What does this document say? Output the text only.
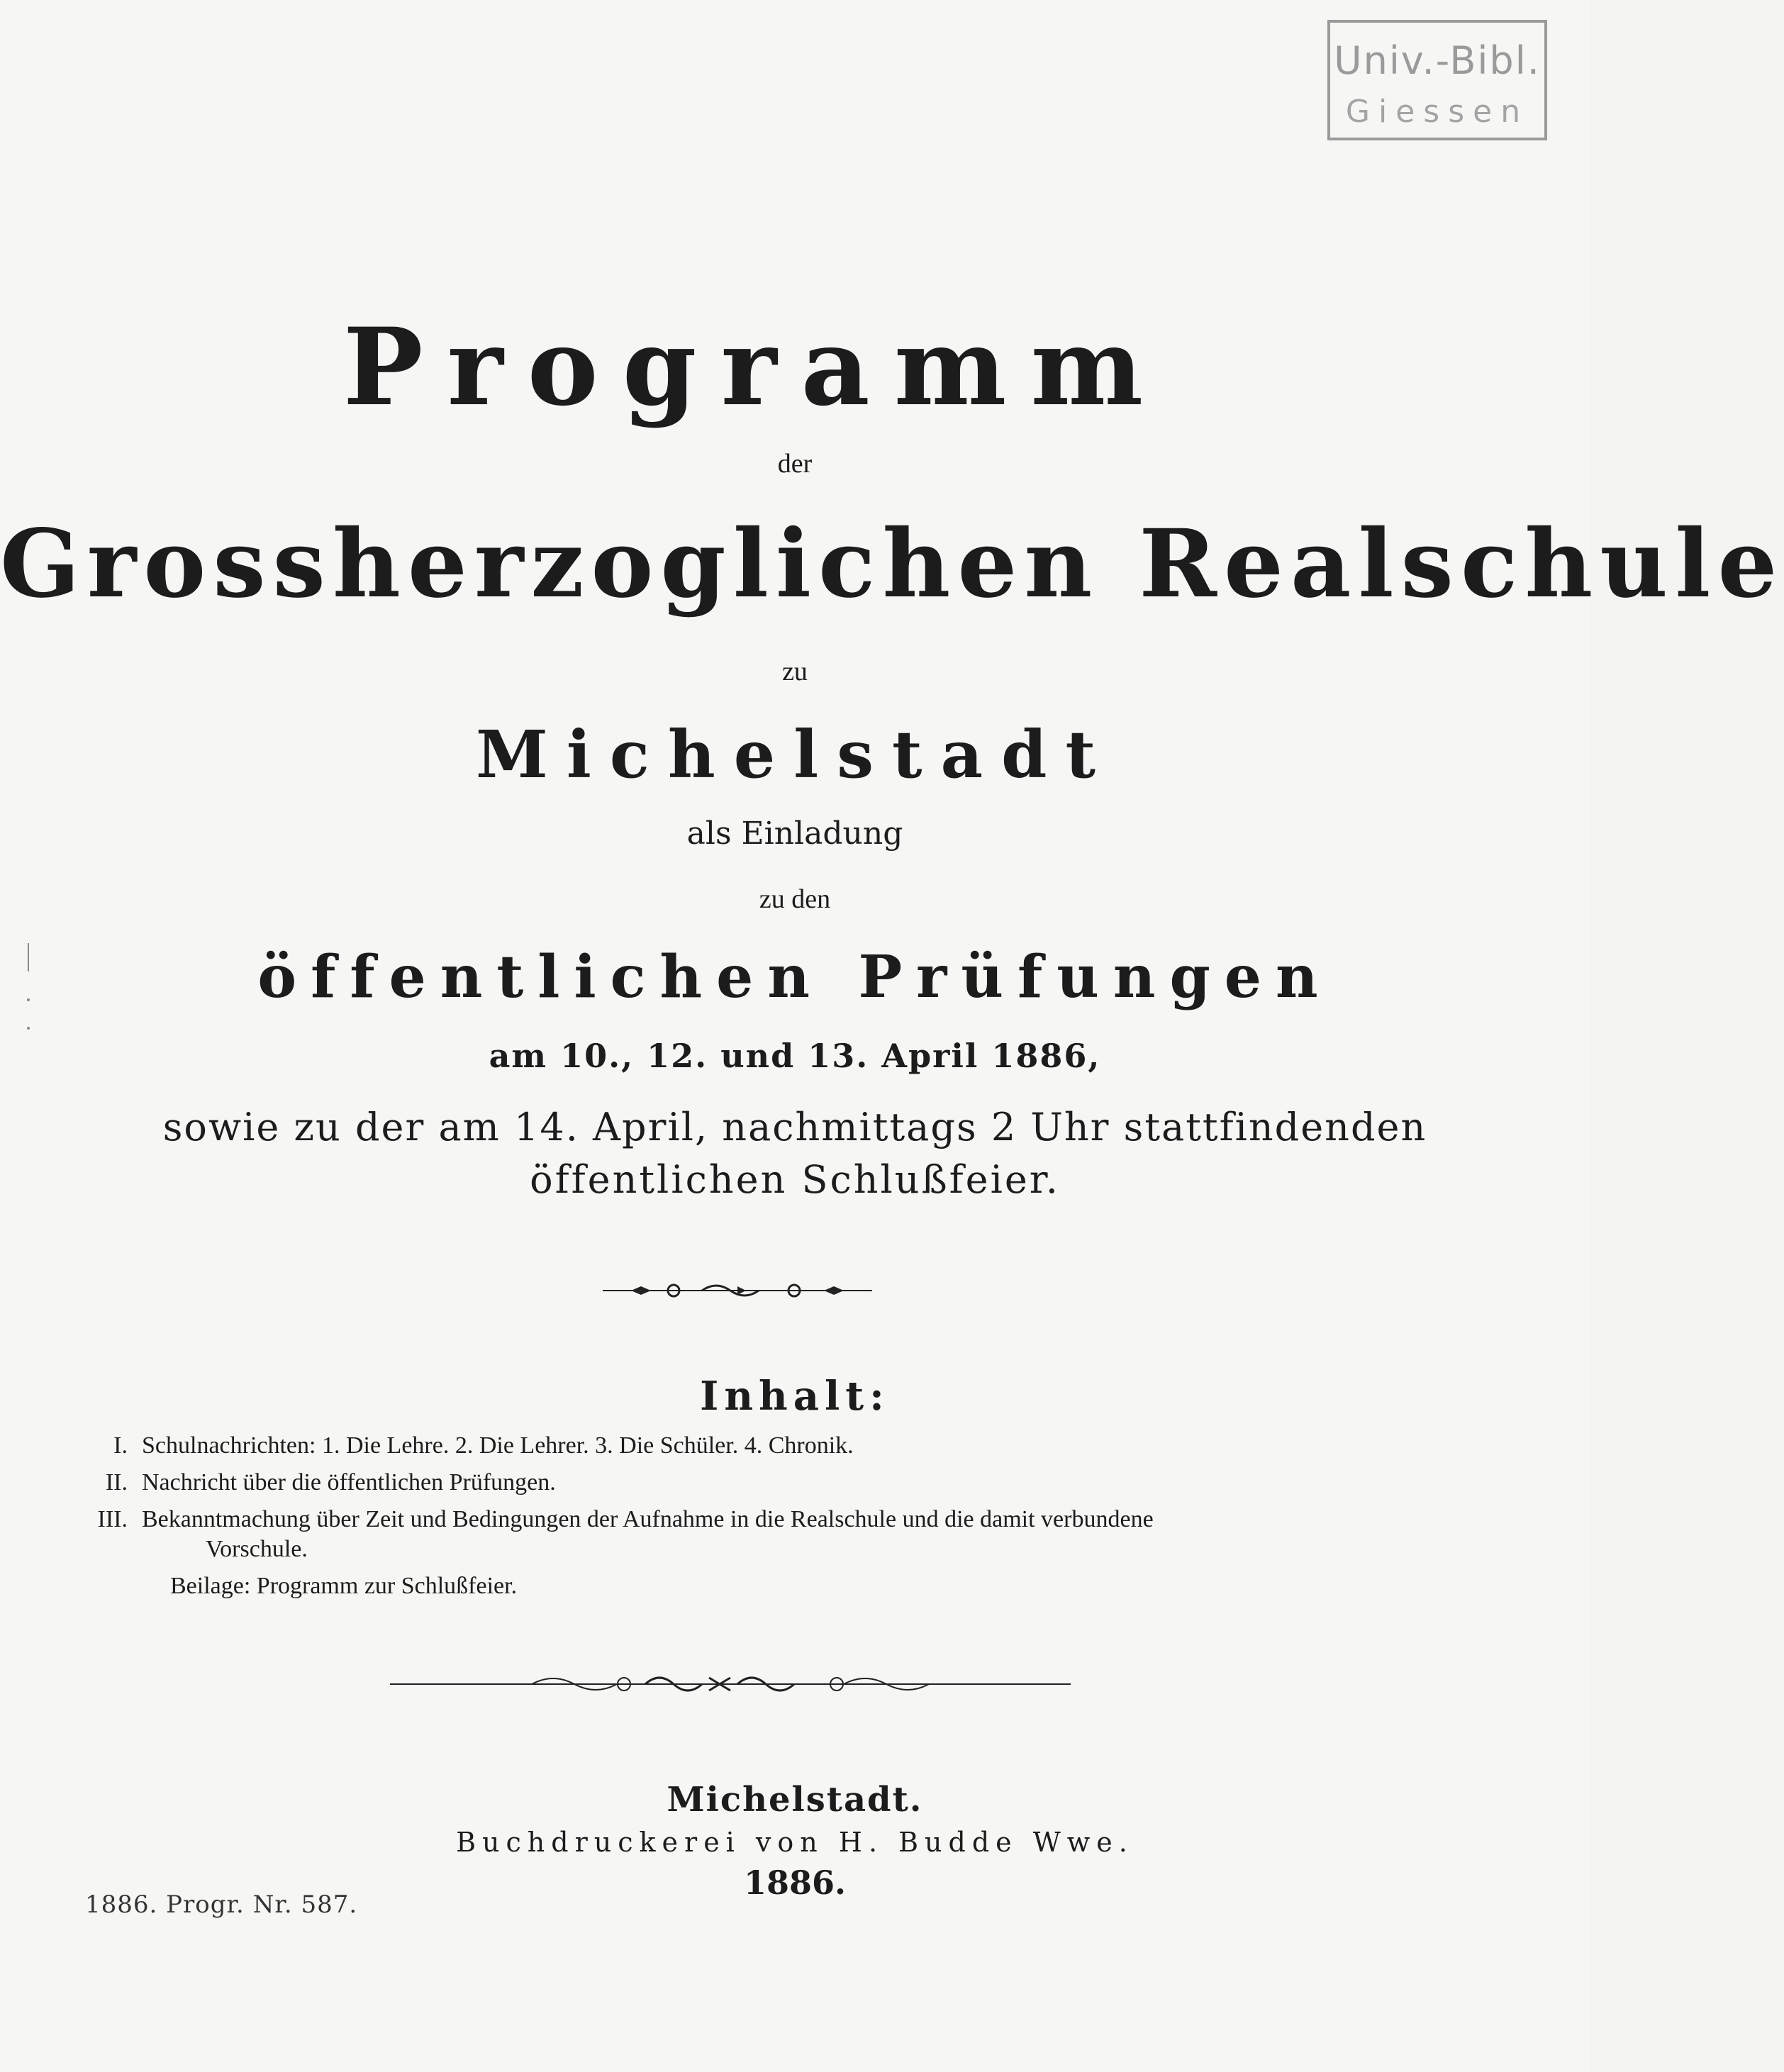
Univ.-Bibl.
Giessen
Programm
der
Grossherzoglichen Realschule
zu
Michelstadt
als Einladung
zu den
öffentlichen Prüfungen
am 10., 12. und 13. April 1886,
sowie zu der am 14. April, nachmittags 2 Uhr stattfindenden
öffentlichen Schlußfeier.
Inhalt:
I. Schulnachrichten: 1. Die Lehre. 2. Die Lehrer. 3. Die Schüler. 4. Chronik.
II. Nachricht über die öffentlichen Prüfungen.
III. Bekanntmachung über Zeit und Bedingungen der Aufnahme in die Realschule und die damit verbundene
Vorschule.
Beilage: Programm zur Schlußfeier.
Michelstadt.
Buchdruckerei von H. Budde Wwe.
1886.
1886. Progr. Nr. 587.
